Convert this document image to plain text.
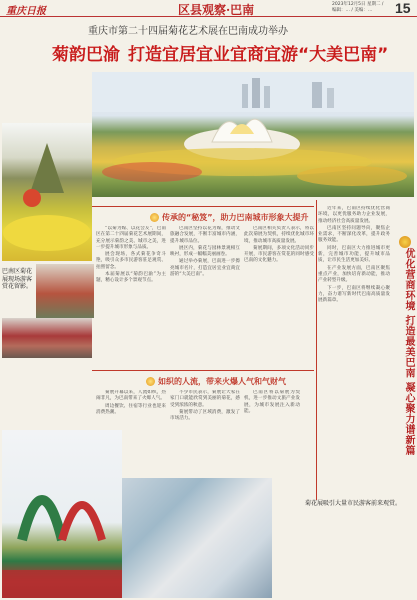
重庆日报	区县观察·巴南	2023年12月5日 星期二 / 编辑：… / 美编：…	15
重庆市第二十四届菊花艺术展在巴南成功举办
菊韵巴渝 打造宜居宜业宜商宜游“大美巴南”
巴南区菊花展现场游客赏花留影。
传承的“秘笈”，助力巴南城市形象大提升

“以菊为媒、以花会友”，巴南区在第二十四届菊花艺术展期间，充分展示菊韵之美、城市之美，进一步提升城市形象与品质。

展会现场，各式菊花争奇斗艳，吸引众多市民游客驻足观赏、拍照留念。

本届菊展以“菊韵巴渝”为主题，精心设计多个景观节点。

巴南区坚持以花为媒，推动文旅融合发展，不断丰富城市内涵，提升城市品位。

展区内，菊花与园林景观相互映衬，形成一幅幅美丽画卷。

通过举办菊展，巴南进一步擦亮城市名片，打造宜居宜业宜商宜游的“大美巴南”。

巴南区相关负责人表示，将以此次菊展为契机，持续优化城市环境，推动城市高质量发展。

菊展期间，多项文化活动同步开展，市民游客在赏花的同时感受巴南的文化魅力。

近年来，巴南区持续优化营商环境，以更优服务助力企业发展，推动经济社会高质量发展。

巴南区坚持问题导向，聚焦企业需求，不断深化改革，提升政务服务效能。

同时，巴南区大力推进城市更新，完善城市功能，提升城市品质，让市民生活更加美好。

在产业发展方面，巴南区聚焦重点产业，加快培育新动能，推动产业转型升级。

下一步，巴南区将继续凝心聚力，奋力谱写新时代巴南高质量发展新篇章。	优化营商环境 打造最美巴南 凝心聚力谱新篇
如织的人流，带来火爆人气和气财气

菊展开幕以来，人流如织，热闹非凡，为巴南带来了火爆人气。

周边餐饮、住宿等行业也迎来消费热潮。

不少市民表示，菊展让大家在家门口就能欣赏到美丽的菊花，感受到浓浓的秋意。

菊展带动了区域消费，激发了市场活力。

巴南区将以菊展为契机，进一步推动文旅产业发展，为城市发展注入新动能。

菊花展吸引大量市民游客前来观赏。
